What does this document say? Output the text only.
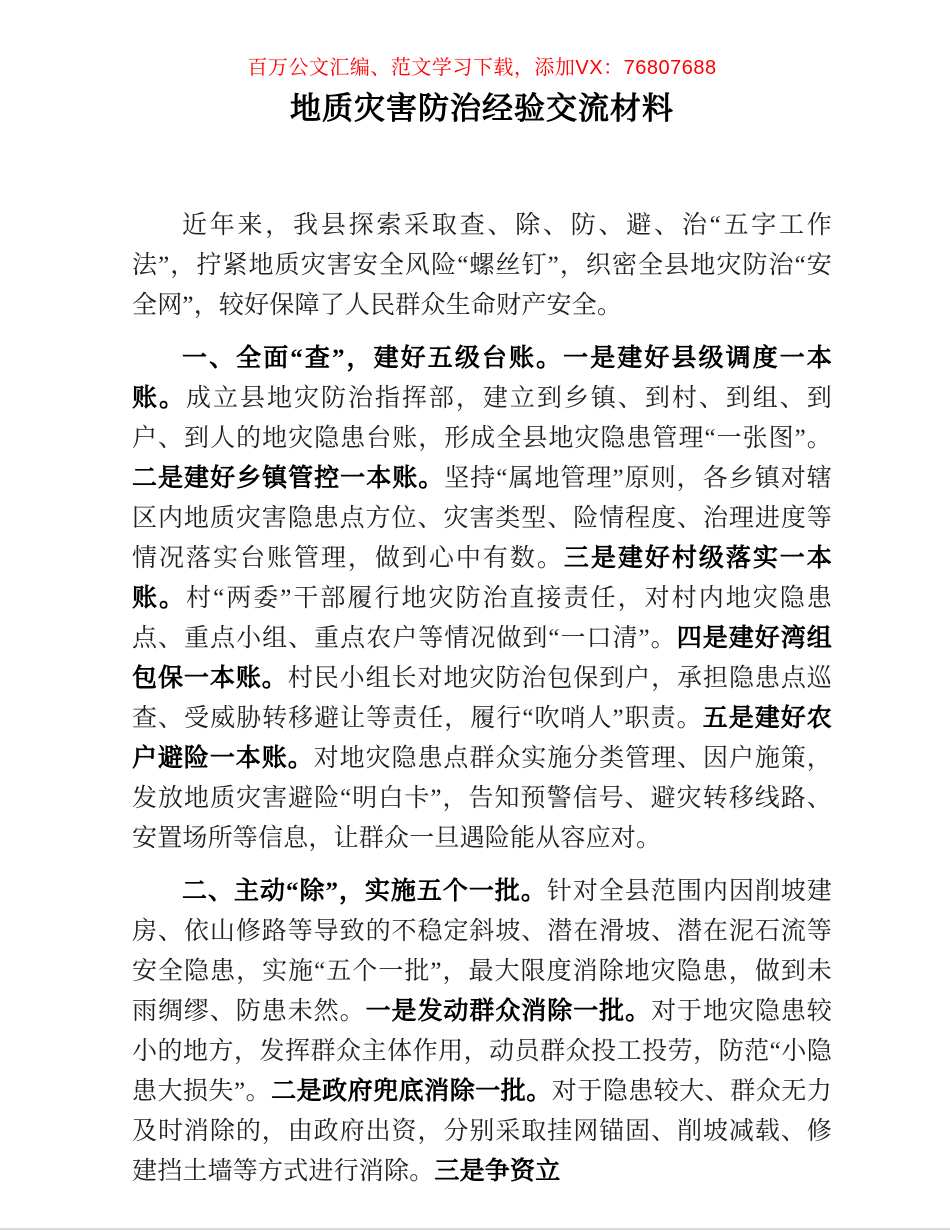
百万公文汇编、范文学习下载，添加VX：76807688
地质灾害防治经验交流材料

近年来，我县探索采取查、除、防、避、治“五字工作法”，拧紧地质灾害安全风险“螺丝钉”，织密全县地灾防治“安全网”，较好保障了人民群众生命财产安全。

一、全面“查”，建好五级台账。一是建好县级调度一本账。成立县地灾防治指挥部，建立到乡镇、到村、到组、到户、到人的地灾隐患台账，形成全县地灾隐患管理“一张图”。二是建好乡镇管控一本账。坚持“属地管理”原则，各乡镇对辖区内地质灾害隐患点方位、灾害类型、险情程度、治理进度等情况落实台账管理，做到心中有数。三是建好村级落实一本账。村“两委”干部履行地灾防治直接责任，对村内地灾隐患点、重点小组、重点农户等情况做到“一口清”。四是建好湾组包保一本账。村民小组长对地灾防治包保到户，承担隐患点巡查、受威胁转移避让等责任，履行“吹哨人”职责。五是建好农户避险一本账。对地灾隐患点群众实施分类管理、因户施策，发放地质灾害避险“明白卡”，告知预警信号、避灾转移线路、安置场所等信息，让群众一旦遇险能从容应对。

二、主动“除”，实施五个一批。针对全县范围内因削坡建房、依山修路等导致的不稳定斜坡、潜在滑坡、潜在泥石流等安全隐患，实施“五个一批”，最大限度消除地灾隐患，做到未雨绸缪、防患未然。一是发动群众消除一批。对于地灾隐患较小的地方，发挥群众主体作用，动员群众投工投劳，防范“小隐患大损失”。二是政府兜底消除一批。对于隐患较大、群众无力及时消除的，由政府出资，分别采取挂网锚固、削坡减载、修建挡土墙等方式进行消除。三是争资立
